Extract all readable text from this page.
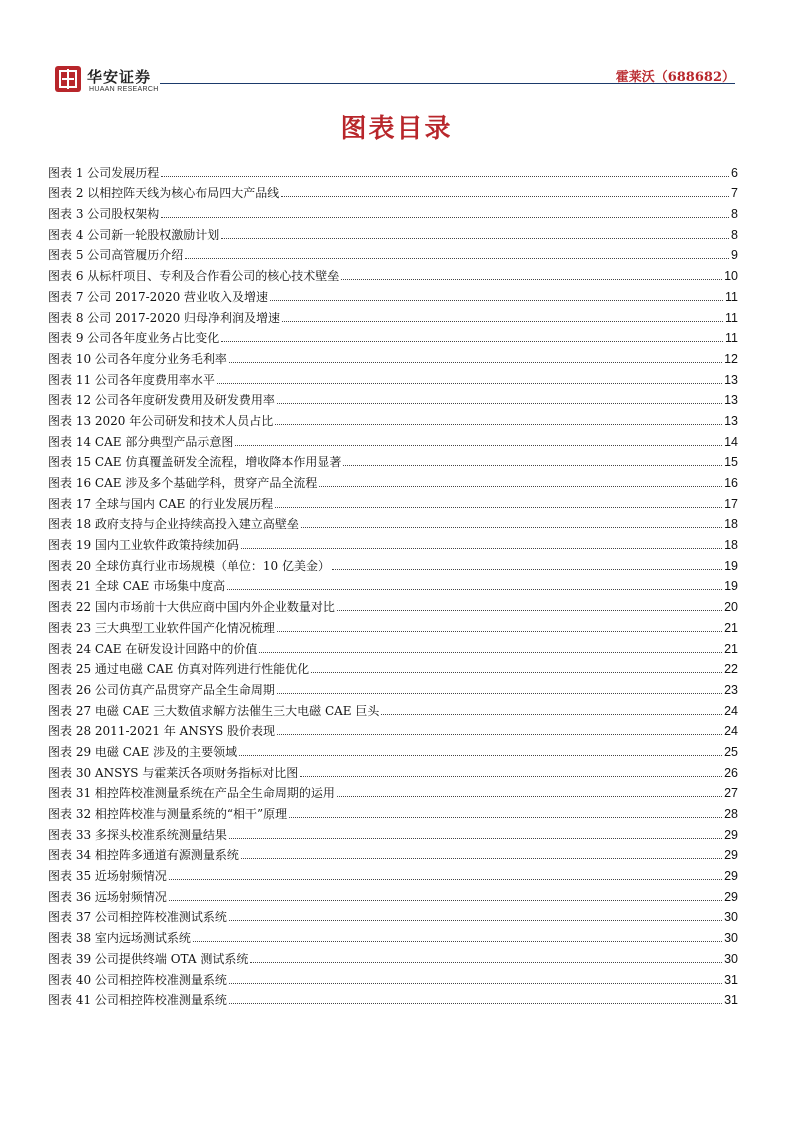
华安证券
HUAAN RESEARCH
霍莱沃（688682）
图表目录
图表 1 公司发展历程	6
图表 2 以相控阵天线为核心布局四大产品线	7
图表 3 公司股权架构	8
图表 4 公司新一轮股权激励计划	8
图表 5 公司高管履历介绍	9
图表 6 从标杆项目、专利及合作看公司的核心技术壁垒	10
图表 7 公司 2017-2020 营业收入及增速	11
图表 8 公司 2017-2020 归母净利润及增速	11
图表 9 公司各年度业务占比变化	11
图表 10 公司各年度分业务毛利率	12
图表 11 公司各年度费用率水平	13
图表 12 公司各年度研发费用及研发费用率	13
图表 13 2020 年公司研发和技术人员占比	13
图表 14 CAE 部分典型产品示意图	14
图表 15 CAE 仿真覆盖研发全流程，增收降本作用显著	15
图表 16 CAE 涉及多个基础学科，贯穿产品全流程	16
图表 17 全球与国内 CAE 的行业发展历程	17
图表 18 政府支持与企业持续高投入建立高壁垒	18
图表 19 国内工业软件政策持续加码	18
图表 20 全球仿真行业市场规模（单位：10 亿美金）	19
图表 21 全球 CAE 市场集中度高	19
图表 22 国内市场前十大供应商中国内外企业数量对比	20
图表 23 三大典型工业软件国产化情况梳理	21
图表 24 CAE 在研发设计回路中的价值	21
图表 25 通过电磁 CAE 仿真对阵列进行性能优化	22
图表 26 公司仿真产品贯穿产品全生命周期	23
图表 27 电磁 CAE 三大数值求解方法催生三大电磁 CAE 巨头	24
图表 28 2011-2021 年 ANSYS 股价表现	24
图表 29 电磁 CAE 涉及的主要领域	25
图表 30 ANSYS 与霍莱沃各项财务指标对比图	26
图表 31 相控阵校准测量系统在产品全生命周期的运用	27
图表 32 相控阵校准与测量系统的“相干”原理	28
图表 33 多探头校准系统测量结果	29
图表 34 相控阵多通道有源测量系统	29
图表 35 近场射频情况	29
图表 36 远场射频情况	29
图表 37 公司相控阵校准测试系统	30
图表 38 室内远场测试系统	30
图表 39 公司提供终端 OTA 测试系统	30
图表 40 公司相控阵校准测量系统	31
图表 41 公司相控阵校准测量系统	31
